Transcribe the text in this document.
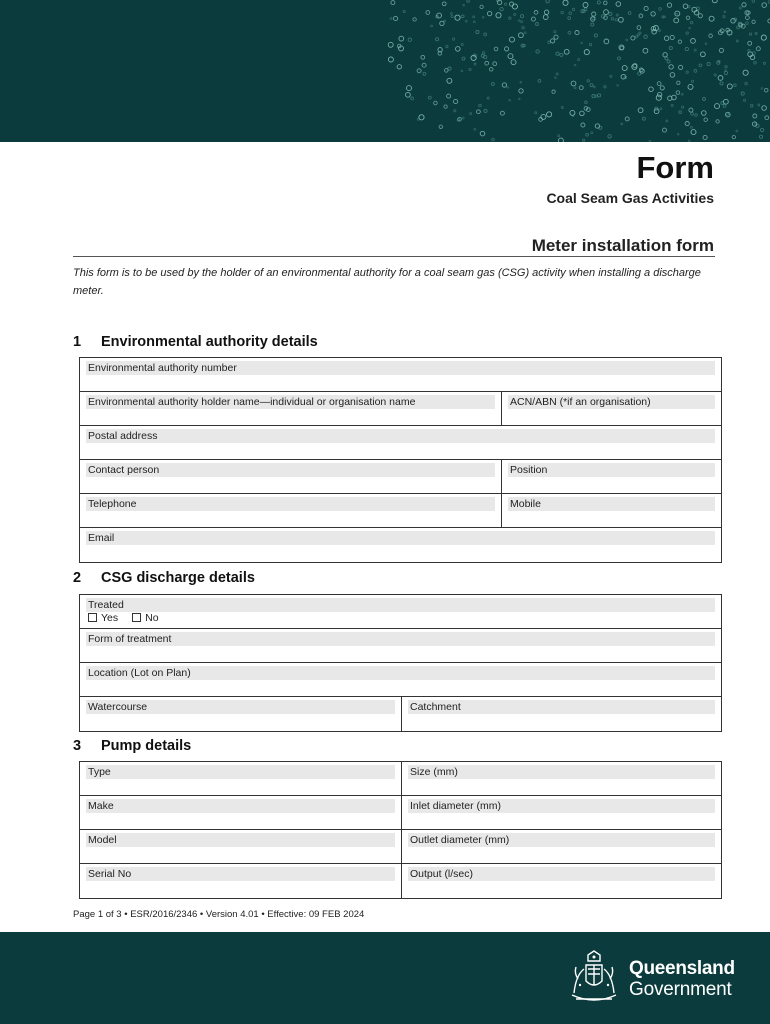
Form
Coal Seam Gas Activities
Meter installation form
This form is to be used by the holder of an environmental authority for a coal seam gas (CSG) activity when installing a discharge meter.
1 Environmental authority details
Environmental authority number
Environmental authority holder name—individual or organisation name	ACN/ABN (*if an organisation)
Postal address
Contact person	Position
Telephone	Mobile
Email
2 CSG discharge details
Treated
Yes	No
Form of treatment
Location (Lot on Plan)
Watercourse	Catchment
3 Pump details
Type	Size (mm)
Make	Inlet diameter (mm)
Model	Outlet diameter (mm)
Serial No	Output (l/sec)
Page 1 of 3 • ESR/2016/2346 • Version 4.01 • Effective: 09 FEB 2024
Queensland
Government
